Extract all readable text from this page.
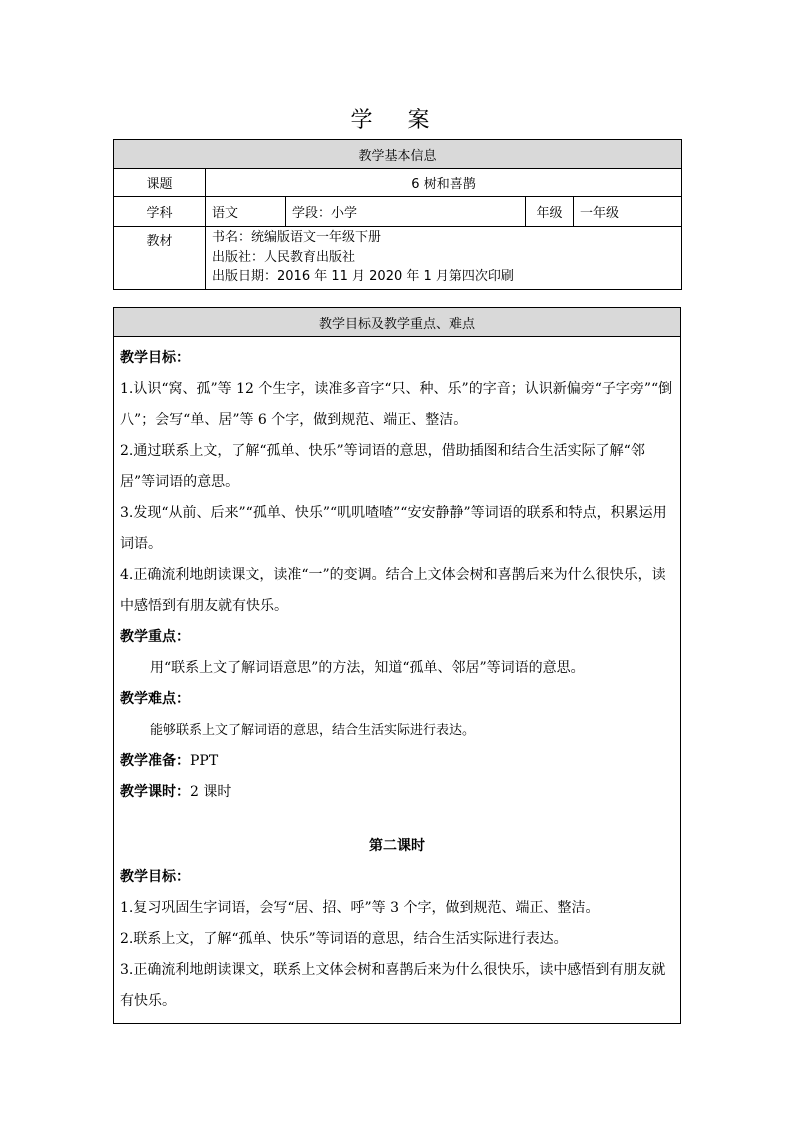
学 案
教学基本信息				
课题	6 树和喜鹊			
学科	语文	学段：小学	年级	一年级
教材	书名：统编版语文一年级下册
出版社：人民教育出版社
出版日期：2016 年 11 月 2020 年 1 月第四次印刷			
教学目标及教学重点、难点

教学目标：

1.认识“窝、孤”等 12 个生字，读准多音字“只、种、乐”的字音；认识新偏旁“子字旁”“倒八”；会写“单、居”等 6 个字，做到规范、端正、整洁。

2.通过联系上文，了解“孤单、快乐”等词语的意思，借助插图和结合生活实际了解“邻居”等词语的意思。

3.发现“从前、后来”“孤单、快乐”“叽叽喳喳”“安安静静”等词语的联系和特点，积累运用词语。

4.正确流利地朗读课文，读准“一”的变调。结合上文体会树和喜鹊后来为什么很快乐，读中感悟到有朋友就有快乐。

教学重点：

用“联系上文了解词语意思”的方法，知道“孤单、邻居”等词语的意思。

教学难点：

能够联系上文了解词语的意思，结合生活实际进行表达。

教学准备：PPT

教学课时：2 课时

第二课时

教学目标：

1.复习巩固生字词语，会写“居、招、呼”等 3 个字，做到规范、端正、整洁。

2.联系上文，了解“孤单、快乐”等词语的意思，结合生活实际进行表达。

3.正确流利地朗读课文，联系上文体会树和喜鹊后来为什么很快乐，读中感悟到有朋友就有快乐。
